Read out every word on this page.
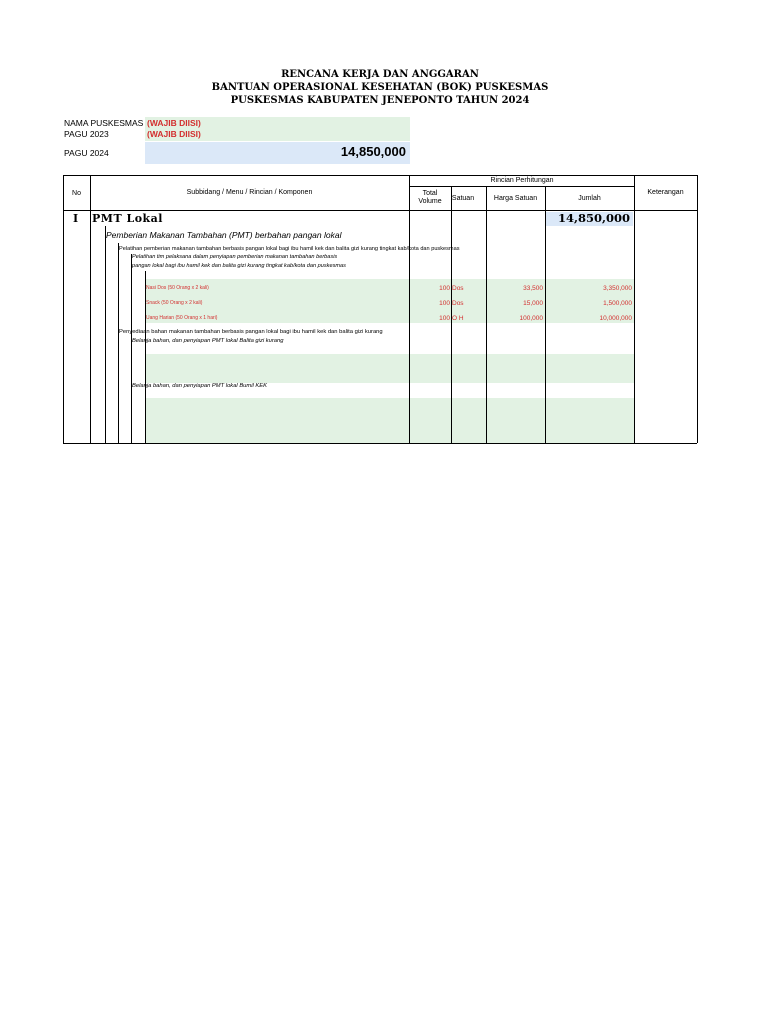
RENCANA KERJA DAN ANGGARAN
BANTUAN OPERASIONAL KESEHATAN (BOK) PUSKESMAS
PUSKESMAS KABUPATEN JENEPONTO TAHUN 2024
NAMA PUSKESMAS (WAJIB DIISI)
PAGU 2023	(WAJIB DIISI)
PAGU 2024	14,850,000
No	Subbidang / Menu / Rincian / Komponen
Rincian Perhitungan
Total Volume	Satuan	Harga Satuan	Jumlah
Keterangan
I PMT Lokal	14,850,000
Pemberian Makanan Tambahan (PMT) berbahan pangan lokal
Pelatihan pemberian makanan tambahan berbasis pangan lokal bagi ibu hamil kek dan balita gizi kurang tingkat kab/kota dan puskesmas
Pelatihan tim pelaksana dalam penyiapan pemberian makanan tambahan berbasis
pangan lokal bagi ibu hamil kek dan balita gizi kurang tingkat kab/kota dan puskesmas
Nasi Dos (50 Orang x 2 kali)	100 Dos	33,500	3,350,000
Snack (50 Orang x 2 kali)	100 Dos	15,000	1,500,000
Uang Harian (50 Orang x 1 hari)	100 O H	100,000	10,000,000
Penyediaan bahan makanan tambahan berbasis pangan lokal bagi ibu hamil kek dan balita gizi kurang
Belanja bahan, dan penyiapan PMT lokal Balita gizi kurang
Belanja bahan, dan penyiapan PMT lokal Bumil KEK
